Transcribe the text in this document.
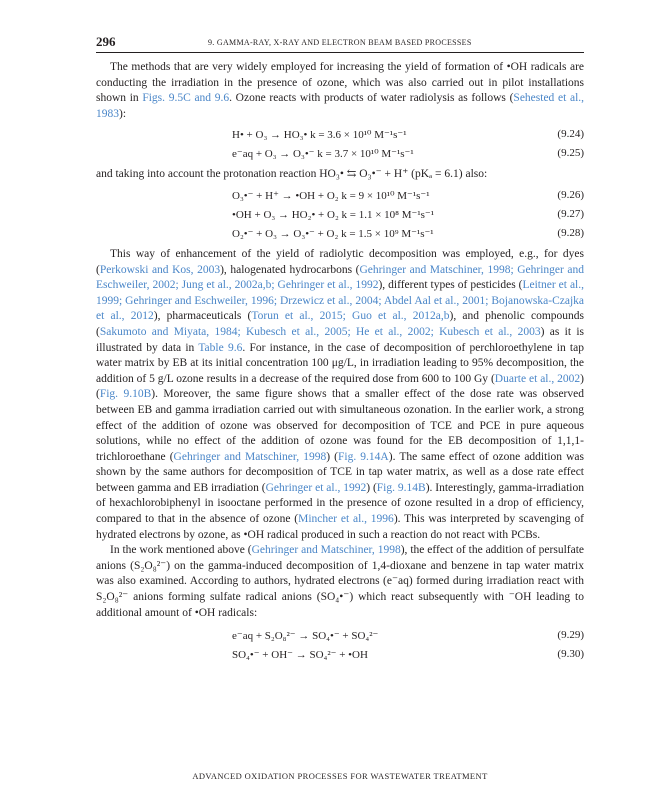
296	9. GAMMA-RAY, X-RAY AND ELECTRON BEAM BASED PROCESSES

The methods that are very widely employed for increasing the yield of formation of •OH radicals are conducting the irradiation in the presence of ozone, which was also carried out in pilot installations shown in Figs. 9.5C and 9.6. Ozone reacts with products of water radiolysis as follows (Sehested et al., 1983):

H• + O₃ → HO₃• k = 3.6 × 10¹⁰ M⁻¹s⁻¹	(9.24)
e⁻aq + O₃ → O₃•⁻ k = 3.7 × 10¹⁰ M⁻¹s⁻¹	(9.25)

and taking into account the protonation reaction HO₃• ⇆ O₃•⁻ + H⁺ (pKₐ = 6.1) also:

O₃•⁻ + H⁺ → •OH + O₂ k = 9 × 10¹⁰ M⁻¹s⁻¹	(9.26)
•OH + O₃ → HO₂• + O₂ k = 1.1 × 10⁸ M⁻¹s⁻¹	(9.27)
O₂•⁻ + O₃ → O₃•⁻ + O₂ k = 1.5 × 10⁹ M⁻¹s⁻¹	(9.28)

This way of enhancement of the yield of radiolytic decomposition was employed, e.g., for dyes (Perkowski and Kos, 2003), halogenated hydrocarbons (Gehringer and Matschiner, 1998; Gehringer and Eschweiler, 2002; Jung et al., 2002a,b; Gehringer et al., 1992), different types of pesticides (Leitner et al., 1999; Gehringer and Eschweiler, 1996; Drzewicz et al., 2004; Abdel Aal et al., 2001; Bojanowska-Czajka et al., 2012), pharmaceuticals (Torun et al., 2015; Guo et al., 2012a,b), and phenolic compounds (Sakumoto and Miyata, 1984; Kubesch et al., 2005; He et al., 2002; Kubesch et al., 2003) as it is illustrated by data in Table 9.6. For instance, in the case of decomposition of perchloroethylene in tap water matrix by EB at its initial concentration 100 μg/L, in irradiation leading to 95% decomposition, the addition of 5 g/L ozone results in a decrease of the required dose from 600 to 100 Gy (Duarte et al., 2002) (Fig. 9.10B). Moreover, the same figure shows that a smaller effect of the dose rate was observed between EB and gamma irradiation carried out with simultaneous ozonation. In the earlier work, a strong effect of the addition of ozone was observed for decomposition of TCE and PCE in pure aqueous solutions, while no effect of the addition of ozone was found for the EB decomposition of 1,1,1-trichloroethane (Gehringer and Matschiner, 1998) (Fig. 9.14A). The same effect of ozone addition was shown by the same authors for decomposition of TCE in tap water matrix, as well as a dose rate effect between gamma and EB irradiation (Gehringer et al., 1992) (Fig. 9.14B). Interestingly, gamma-irradiation of hexachlorobiphenyl in isooctane performed in the presence of ozone resulted in a drop of efficiency, compared to that in the absence of ozone (Mincher et al., 1996). This was interpreted by scavenging of hydrated electrons by ozone, as •OH radical produced in such a reaction do not react with PCBs.

In the work mentioned above (Gehringer and Matschiner, 1998), the effect of the addition of persulfate anions (S₂O₈²⁻) on the gamma-induced decomposition of 1,4-dioxane and benzene in tap water matrix was also examined. According to authors, hydrated electrons (e⁻aq) formed during irradiation react with S₂O₈²⁻ anions forming sulfate radical anions (SO₄•⁻) which react subsequently with ⁻OH leading to additional amount of •OH radicals:

e⁻aq + S₂O₈²⁻ → SO₄•⁻ + SO₄²⁻	(9.29)
SO₄•⁻ + OH⁻ → SO₄²⁻ + •OH	(9.30)
ADVANCED OXIDATION PROCESSES FOR WASTEWATER TREATMENT
